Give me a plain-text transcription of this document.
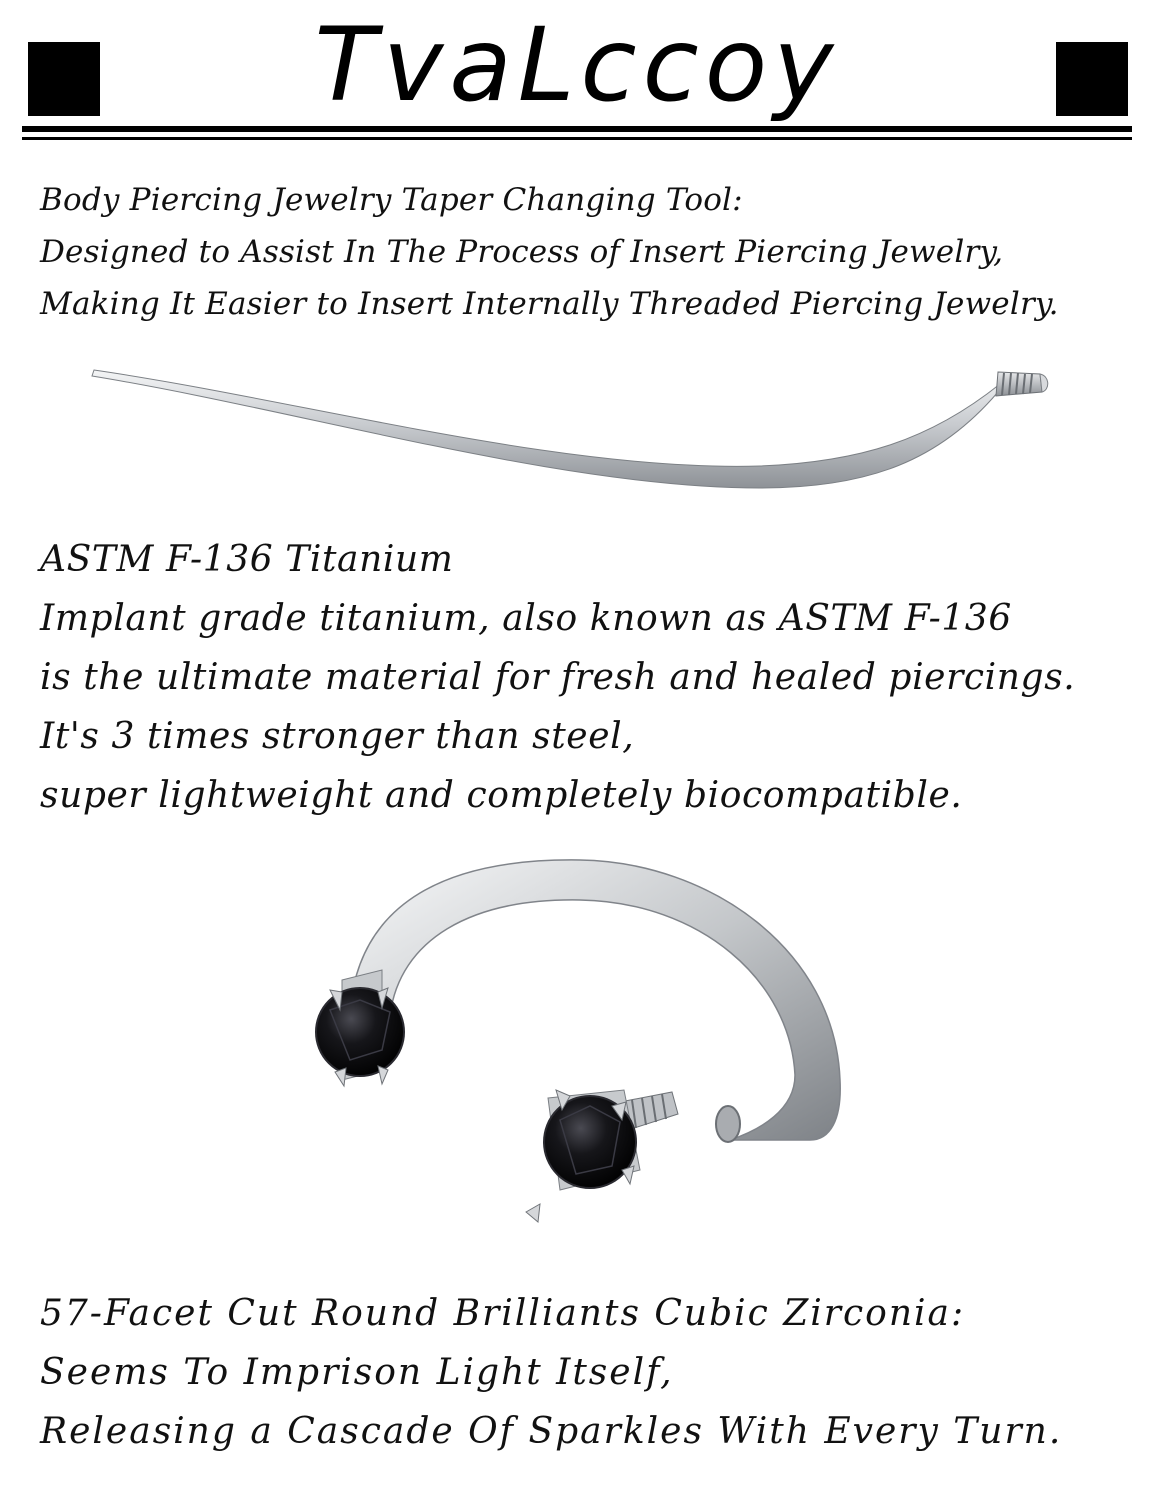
TvaLccoy
Body Piercing Jewelry Taper Changing Tool:
Designed to Assist In The Process of Insert Piercing Jewelry,
Making It Easier to Insert Internally Threaded Piercing Jewelry.
ASTM F-136 Titanium
Implant grade titanium, also known as ASTM F-136
is the ultimate material for fresh and healed piercings.
It's 3 times stronger than steel,
super lightweight and completely biocompatible.
57-Facet Cut Round Brilliants Cubic Zirconia:
Seems To Imprison Light Itself,
Releasing a Cascade Of Sparkles With Every Turn.
